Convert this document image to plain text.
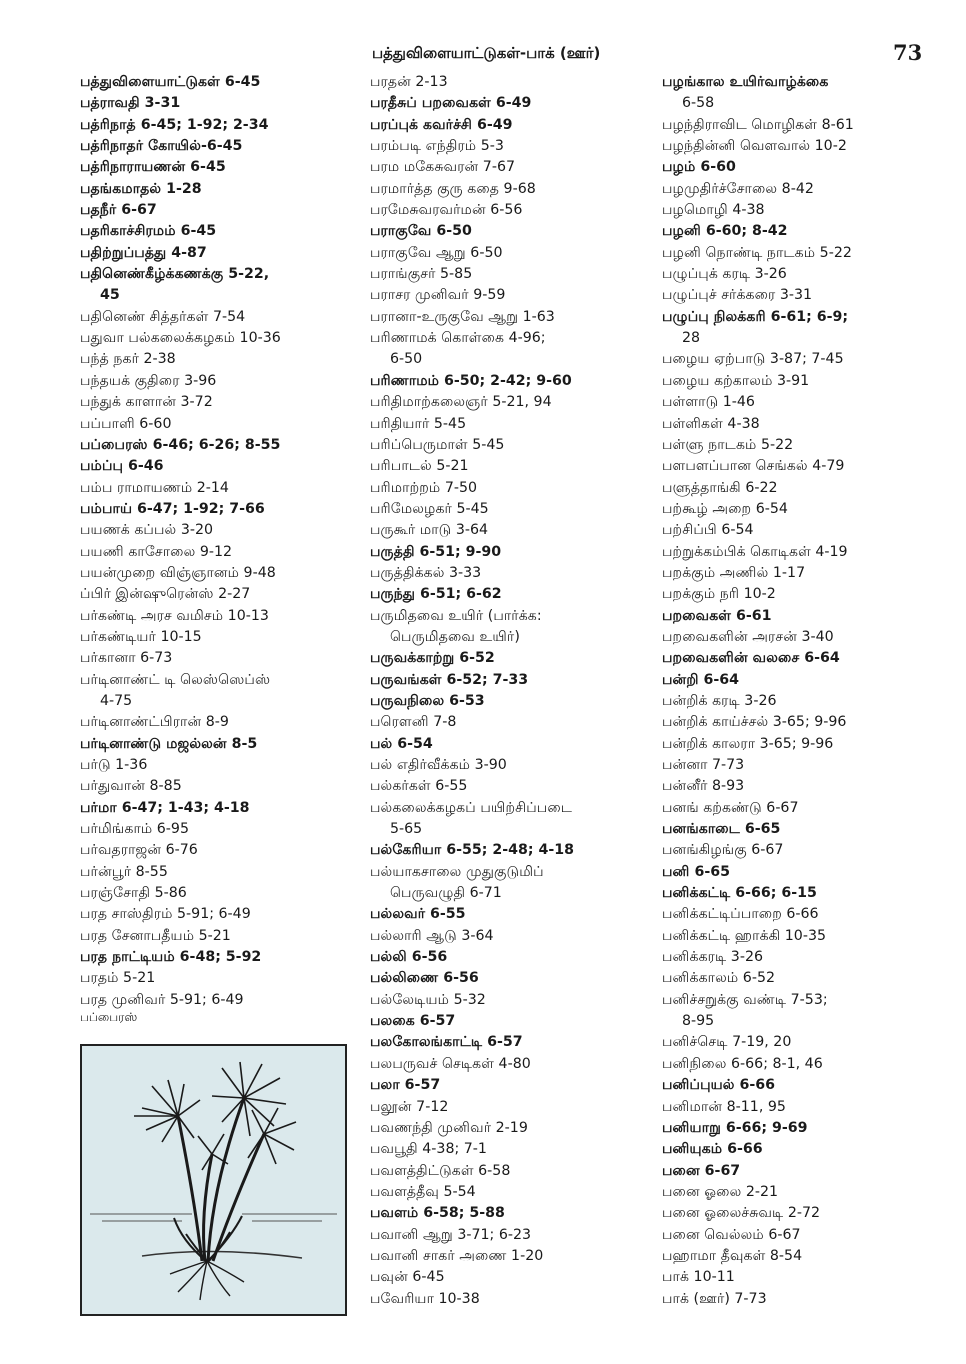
பத்துவிளையாட்டுகள்-பாக் (ஊர்)	73
பத்துவிளையாட்டுகள் 6-45
பத்ராவதி 3-31
பத்ரிநாத் 6-45; 1-92; 2-34
பத்ரிநாதர் கோயில்-6-45
பத்ரிநாராயணன் 6-45
பதங்கமாதல் 1-28
பதநீர் 6-67
பதரிகாச்சிரமம் 6-45
பதிற்றுப்பத்து 4-87
பதினெண்கீழ்க்கணக்கு 5-22,
45
பதினெண் சித்தர்கள் 7-54
பதுவா பல்கலைக்கழகம் 10-36
பந்த் நகர் 2-38
பந்தயக் குதிரை 3-96
பந்துக் காளான் 3-72
பப்பாளி 6-60
பப்பைரஸ் 6-46; 6-26; 8-55
பம்ப்பு 6-46
பம்ப ராமாயணம் 2-14
பம்பாய் 6-47; 1-92; 7-66
பயணக் கப்பல் 3-20
பயணி காசோலை 9-12
பயன்முறை விஞ்ஞானம் 9-48
ப்பிர் இன்ஷுரென்ஸ் 2-27
பர்கண்டி அரச வமிசம் 10-13
பர்கண்டியர் 10-15
பர்கானா 6-73
பர்டினாண்ட் டி லெஸ்ஸெப்ஸ்
4-75
பர்டினாண்ட்பிரான் 8-9
பர்டினாண்டு மஜல்லன் 8-5
பர்டு 1-36
பர்துவான் 8-85
பர்மா 6-47; 1-43; 4-18
பர்மிங்காம் 6-95
பர்வதராஜன் 6-76
பர்ன்பூர் 8-55
பரஞ்சோதி 5-86
பரத சாஸ்திரம் 5-91; 6-49
பரத சேனாபதீயம் 5-21
பரத நாட்டியம் 6-48; 5-92
பரதம் 5-21
பரத முனிவர் 5-91; 6-49
பரதன் 2-13
பரதீசுப் பறவைகள் 6-49
பரப்புக் கவர்ச்சி 6-49
பரம்படி எந்திரம் 5-3
பரம மகேசுவரன் 7-67
பரமார்த்த குரு கதை 9-68
பரமேசுவரவர்மன் 6-56
பராகுவே 6-50
பராகுவே ஆறு 6-50
பராங்குசர் 5-85
பராசர முனிவர் 9-59
பரானா-உருகுவே ஆறு 1-63
பரிணாமக் கொள்கை 4-96;
6-50
பரிணாமம் 6-50; 2-42; 9-60
பரிதிமாற்கலைஞர் 5-21, 94
பரிதியார் 5-45
பரிப்பெருமாள் 5-45
பரிபாடல் 5-21
பரிமாற்றம் 7-50
பரிமேலழகர் 5-45
பருகூர் மாடு 3-64
பருத்தி 6-51; 9-90
பருத்திக்கல் 3-33
பருந்து 6-51; 6-62
பருமிதவை உயிர் (பார்க்க:
பெருமிதவை உயிர்)
பருவக்காற்று 6-52
பருவங்கள் 6-52; 7-33
பருவநிலை 6-53
பரெளனி 7-8
பல் 6-54
பல் எதிர்வீக்கம் 3-90
பல்கர்கள் 6-55
பல்கலைக்கழகப் பயிற்சிப்படை
5-65
பல்கேரியா 6-55; 2-48; 4-18
பல்யாகசாலை முதுகுடுமிப்
பெருவழுதி 6-71
பல்லவர் 6-55
பல்லாரி ஆடு 3-64
பல்லி 6-56
பல்லிணை 6-56
பல்லேடியம் 5-32
பலகை 6-57
பலகோலங்காட்டி 6-57
பலபருவச் செடிகள் 4-80
பலா 6-57
பலூன் 7-12
பவணந்தி முனிவர் 2-19
பவபூதி 4-38; 7-1
பவளத்திட்டுகள் 6-58
பவளத்தீவு 5-54
பவளம் 6-58; 5-88
பவானி ஆறு 3-71; 6-23
பவானி சாகர் அணை 1-20
பவுன் 6-45
பவேரியா 10-38
பழங்கால உயிர்வாழ்க்கை
6-58
பழந்திராவிட மொழிகள் 8-61
பழந்தின்னி வெளவால் 10-2
பழம் 6-60
பழமுதிர்ச்சோலை 8-42
பழமொழி 4-38
பழனி 6-60; 8-42
பழனி நொண்டி நாடகம் 5-22
பழுப்புக் கரடி 3-26
பழுப்புச் சர்க்கரை 3-31
பழுப்பு நிலக்கரி 6-61; 6-9;
28
பழைய ஏற்பாடு 3-87; 7-45
பழைய கற்காலம் 3-91
பள்ளாடு 1-46
பள்ளிகள் 4-38
பள்ளு நாடகம் 5-22
பளபளப்பான செங்கல் 4-79
பளுத்தாங்கி 6-22
பற்கூழ் அறை 6-54
பற்சிப்பி 6-54
பற்றுக்கம்பிக் கொடிகள் 4-19
பறக்கும் அணில் 1-17
பறக்கும் நரி 10-2
பறவைகள் 6-61
பறவைகளின் அரசன் 3-40
பறவைகளின் வலசை 6-64
பன்றி 6-64
பன்றிக் கரடி 3-26
பன்றிக் காய்ச்சல் 3-65; 9-96
பன்றிக் காலரா 3-65; 9-96
பன்னா 7-73
பன்னீர் 8-93
பனங் கற்கண்டு 6-67
பனங்காடை 6-65
பனங்கிழங்கு 6-67
பனி 6-65
பனிக்கட்டி 6-66; 6-15
பனிக்கட்டிப்பாறை 6-66
பனிக்கட்டி ஹாக்கி 10-35
பனிக்கரடி 3-26
பனிக்காலம் 6-52
பனிச்சறுக்கு வண்டி 7-53;
8-95
பனிச்செடி 7-19, 20
பனிநிலை 6-66; 8-1, 46
பனிப்புயல் 6-66
பனிமான் 8-11, 95
பனியாறு 6-66; 9-69
பனியுகம் 6-66
பனை 6-67
பனை ஓலை 2-21
பனை ஓலைச்சுவடி 2-72
பனை வெல்லம் 6-67
பஹாமா தீவுகள் 8-54
பாக் 10-11
பாக் (ஊர்) 7-73
பப்பைரஸ்
